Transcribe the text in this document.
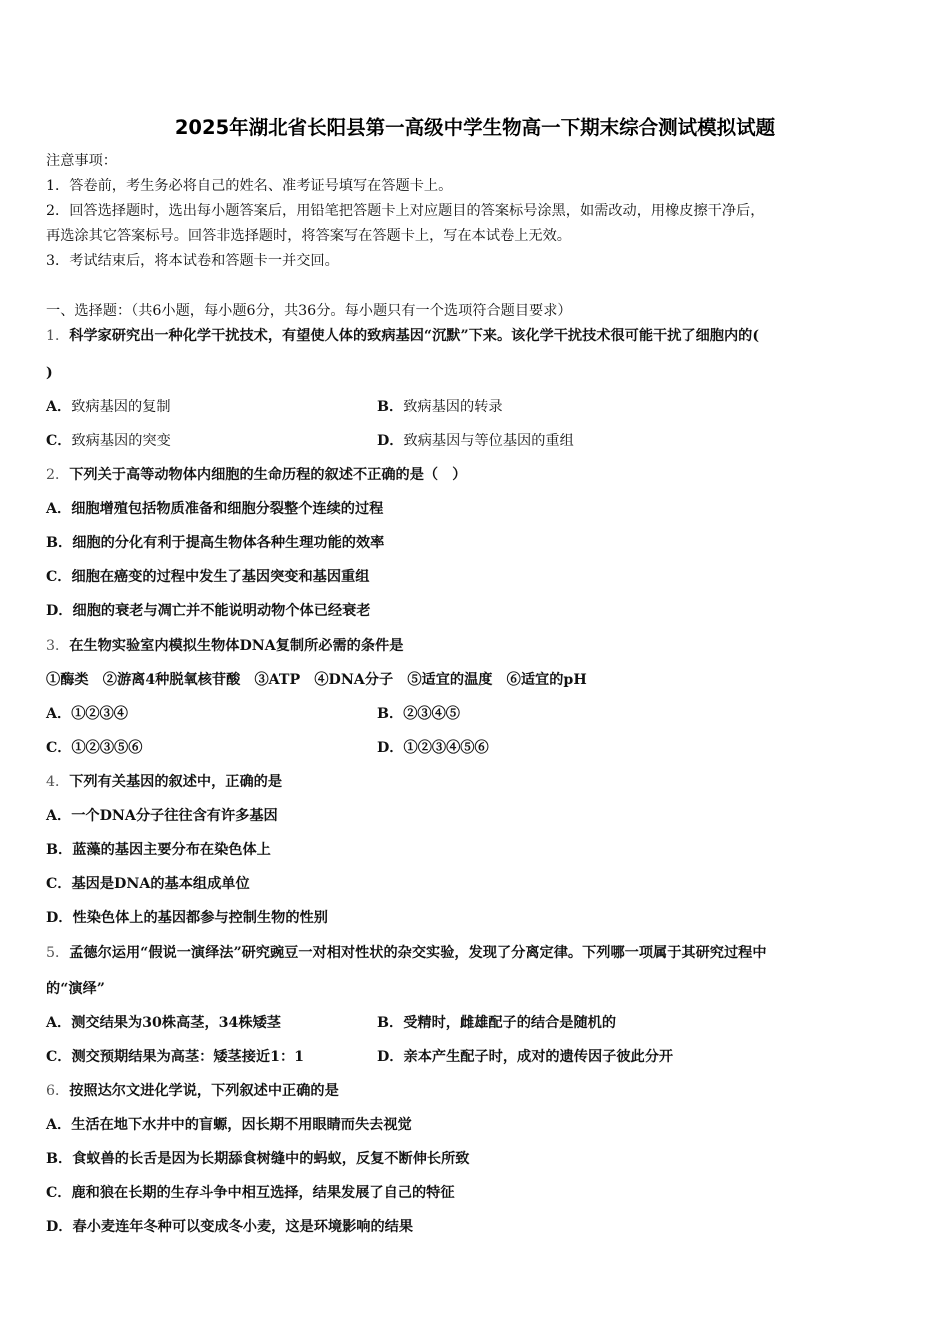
2025年湖北省长阳县第一高级中学生物高一下期末综合测试模拟试题
注意事项：
1．答卷前，考生务必将自己的姓名、准考证号填写在答题卡上。
2．回答选择题时，选出每小题答案后，用铅笔把答题卡上对应题目的答案标号涂黑，如需改动，用橡皮擦干净后，
再选涂其它答案标号。回答非选择题时，将答案写在答题卡上，写在本试卷上无效。
3．考试结束后，将本试卷和答题卡一并交回。
一、选择题：（共6小题，每小题6分，共36分。每小题只有一个选项符合题目要求）
1．科学家研究出一种化学干扰技术，有望使人体的致病基因“沉默”下来。该化学干扰技术很可能干扰了细胞内的(
)
A．致病基因的复制	B．致病基因的转录
C．致病基因的突变	D．致病基因与等位基因的重组
2．下列关于高等动物体内细胞的生命历程的叙述不正确的是（　）
A．细胞增殖包括物质准备和细胞分裂整个连续的过程
B．细胞的分化有利于提高生物体各种生理功能的效率
C．细胞在癌变的过程中发生了基因突变和基因重组
D．细胞的衰老与凋亡并不能说明动物个体已经衰老
3．在生物实验室内模拟生物体DNA复制所必需的条件是
①酶类　②游离4种脱氧核苷酸　③ATP　④DNA分子　⑤适宜的温度　⑥适宜的pH
A．①②③④	B．②③④⑤
C．①②③⑤⑥	D．①②③④⑤⑥
4．下列有关基因的叙述中，正确的是
A．一个DNA分子往往含有许多基因
B．蓝藻的基因主要分布在染色体上
C．基因是DNA的基本组成单位
D．性染色体上的基因都参与控制生物的性别
5．孟德尔运用“假说一演绎法”研究豌豆一对相对性状的杂交实验，发现了分离定律。下列哪一项属于其研究过程中
的“演绎”
A．测交结果为30株高茎，34株矮茎	B．受精时，雌雄配子的结合是随机的
C．测交预期结果为高茎：矮茎接近1：1	D．亲本产生配子时，成对的遗传因子彼此分开
6．按照达尔文进化学说，下列叙述中正确的是
A．生活在地下水井中的盲螈，因长期不用眼睛而失去视觉
B．食蚁兽的长舌是因为长期舔食树缝中的蚂蚁，反复不断伸长所致
C．鹿和狼在长期的生存斗争中相互选择，结果发展了自己的特征
D．春小麦连年冬种可以变成冬小麦，这是环境影响的结果
